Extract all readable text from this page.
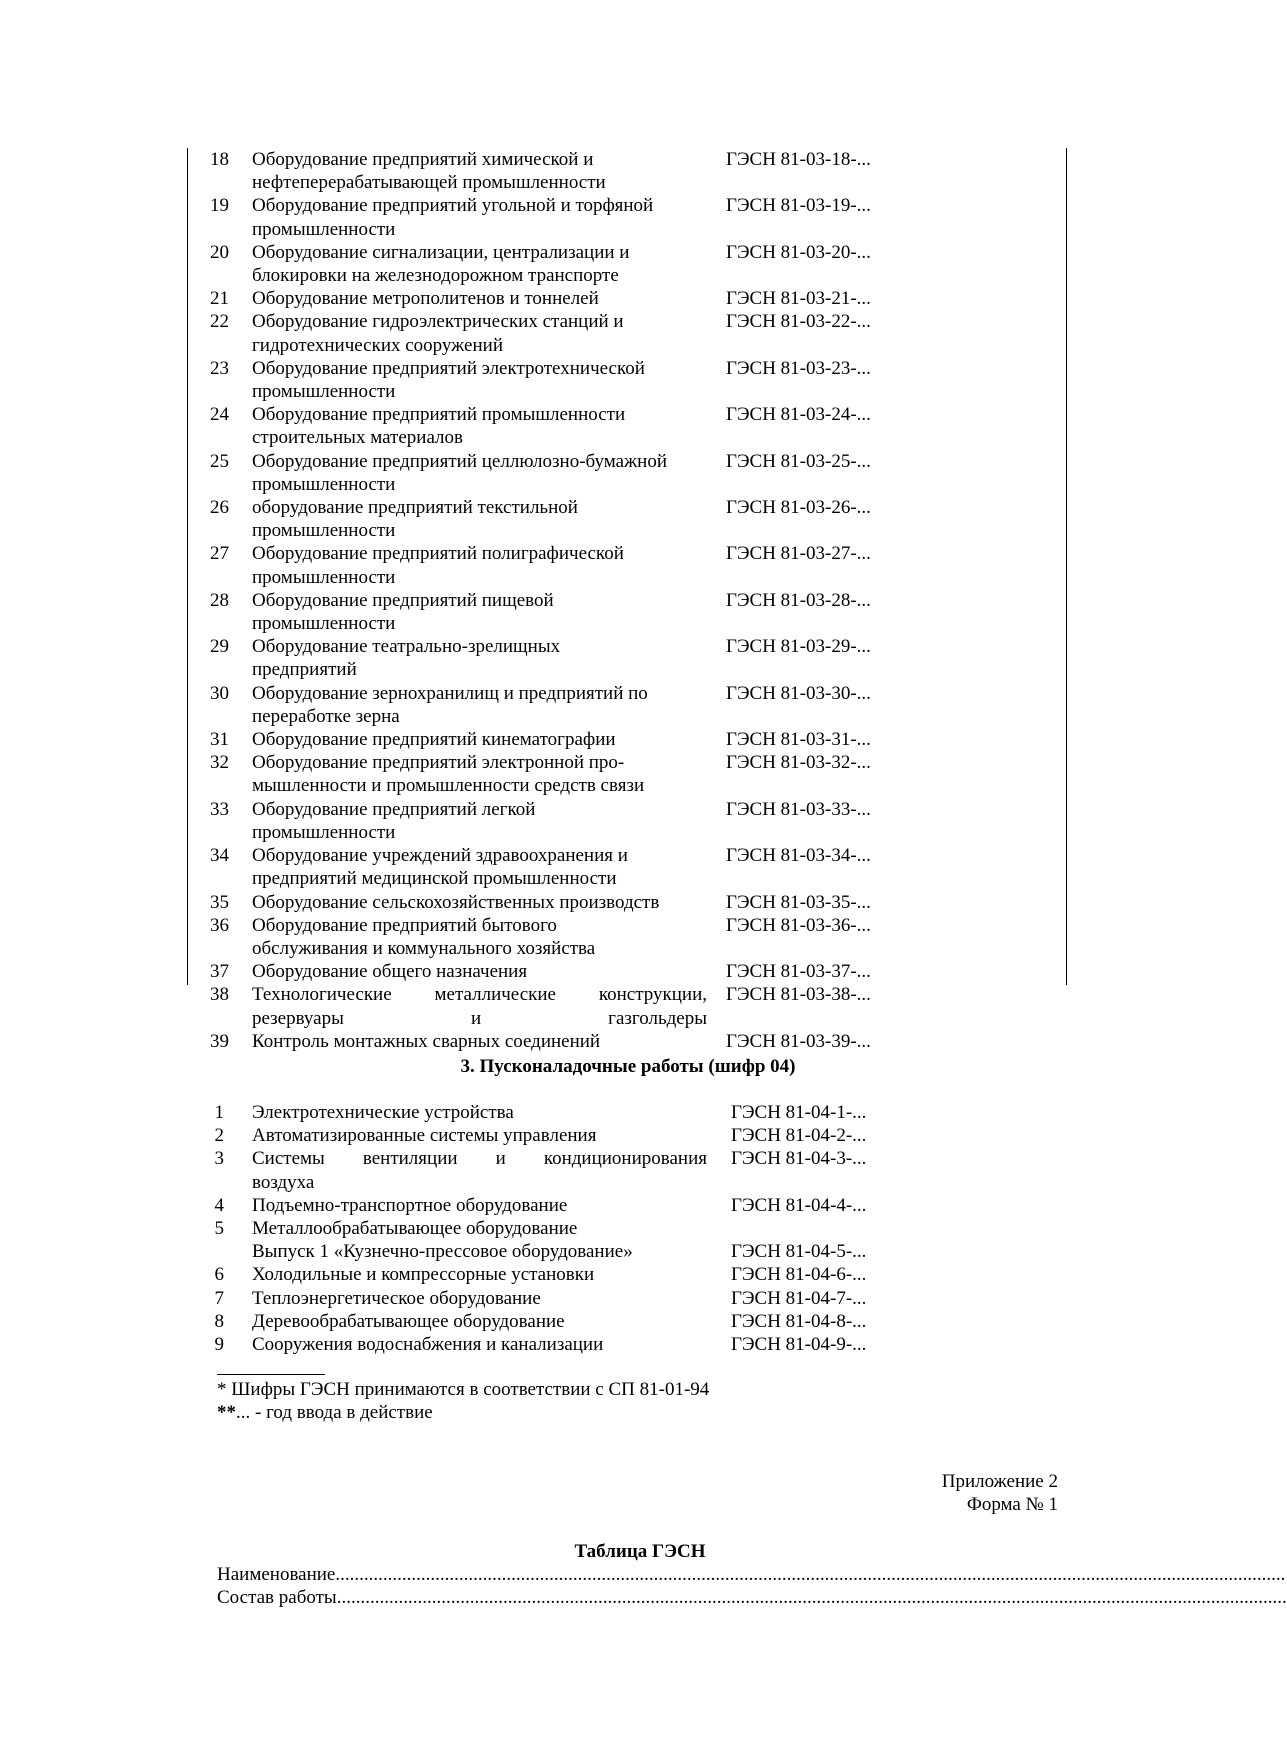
18 Оборудование предприятий химической и
нефтеперерабатывающей промышленности
ГЭСН 81-03-18-...
19 Оборудование предприятий угольной и торфяной
промышленности
ГЭСН 81-03-19-...
20 Оборудование сигнализации, централизации и
блокировки на железнодорожном транспорте
ГЭСН 81-03-20-...
21 Оборудование метрополитенов и тоннелей	ГЭСН 81-03-21-...
22 Оборудование гидроэлектрических станций и
гидротехнических сооружений
ГЭСН 81-03-22-...
23 Оборудование предприятий электротехнической
промышленности
ГЭСН 81-03-23-...
24 Оборудование предприятий промышленности
строительных материалов
ГЭСН 81-03-24-...
25 Оборудование предприятий целлюлозно-бумажной
промышленности
ГЭСН 81-03-25-...
26 оборудование предприятий текстильной
промышленности
ГЭСН 81-03-26-...
27 Оборудование предприятий полиграфической
промышленности
ГЭСН 81-03-27-...
28 Оборудование предприятий пищевой
промышленности
ГЭСН 81-03-28-...
29 Оборудование театрально-зрелищных
предприятий
ГЭСН 81-03-29-...
30 Оборудование зернохранилищ и предприятий по
переработке зерна
ГЭСН 81-03-30-...
31 Оборудование предприятий кинематографии	ГЭСН 81-03-31-...
32 Оборудование предприятий электронной про-
мышленности и промышленности средств связи
ГЭСН 81-03-32-...
33 Оборудование предприятий легкой
промышленности
ГЭСН 81-03-33-...
34 Оборудование учреждений здравоохранения и
предприятий медицинской промышленности
ГЭСН 81-03-34-...
35 Оборудование сельскохозяйственных производств	ГЭСН 81-03-35-...
36 Оборудование предприятий бытового
обслуживания и коммунального хозяйства
ГЭСН 81-03-36-...
37 Оборудование общего назначения	ГЭСН 81-03-37-...
38 Технологические металлические конструкции,
резервуары и газгольдеры
ГЭСН 81-03-38-...
39 Контроль монтажных сварных соединений	ГЭСН 81-03-39-...
3. Пусконаладочные работы (шифр 04)
1 Электротехнические устройства	ГЭСН 81-04-1-...
2 Автоматизированные системы управления	ГЭСН 81-04-2-...
3 Системы вентиляции и кондиционирования
воздуха
ГЭСН 81-04-3-...
4 Подъемно-транспортное оборудование	ГЭСН 81-04-4-...
5 Металлообрабатывающее оборудование
Выпуск 1 «Кузнечно-прессовое оборудование»	ГЭСН 81-04-5-...
6 Холодильные и компрессорные установки	ГЭСН 81-04-6-...
7 Теплоэнергетическое оборудование	ГЭСН 81-04-7-...
8 Деревообрабатывающее оборудование	ГЭСН 81-04-8-...
9 Сооружения водоснабжения и канализации	ГЭСН 81-04-9-...
* Шифры ГЭСН принимаются в соответствии с СП 81-01-94
**... - год ввода в действие
Приложение 2
Форма № 1
Таблица ГЭСН
Наименование........................................................................................................................................................................................................
Состав работы........................................................................................................................................................................................................
